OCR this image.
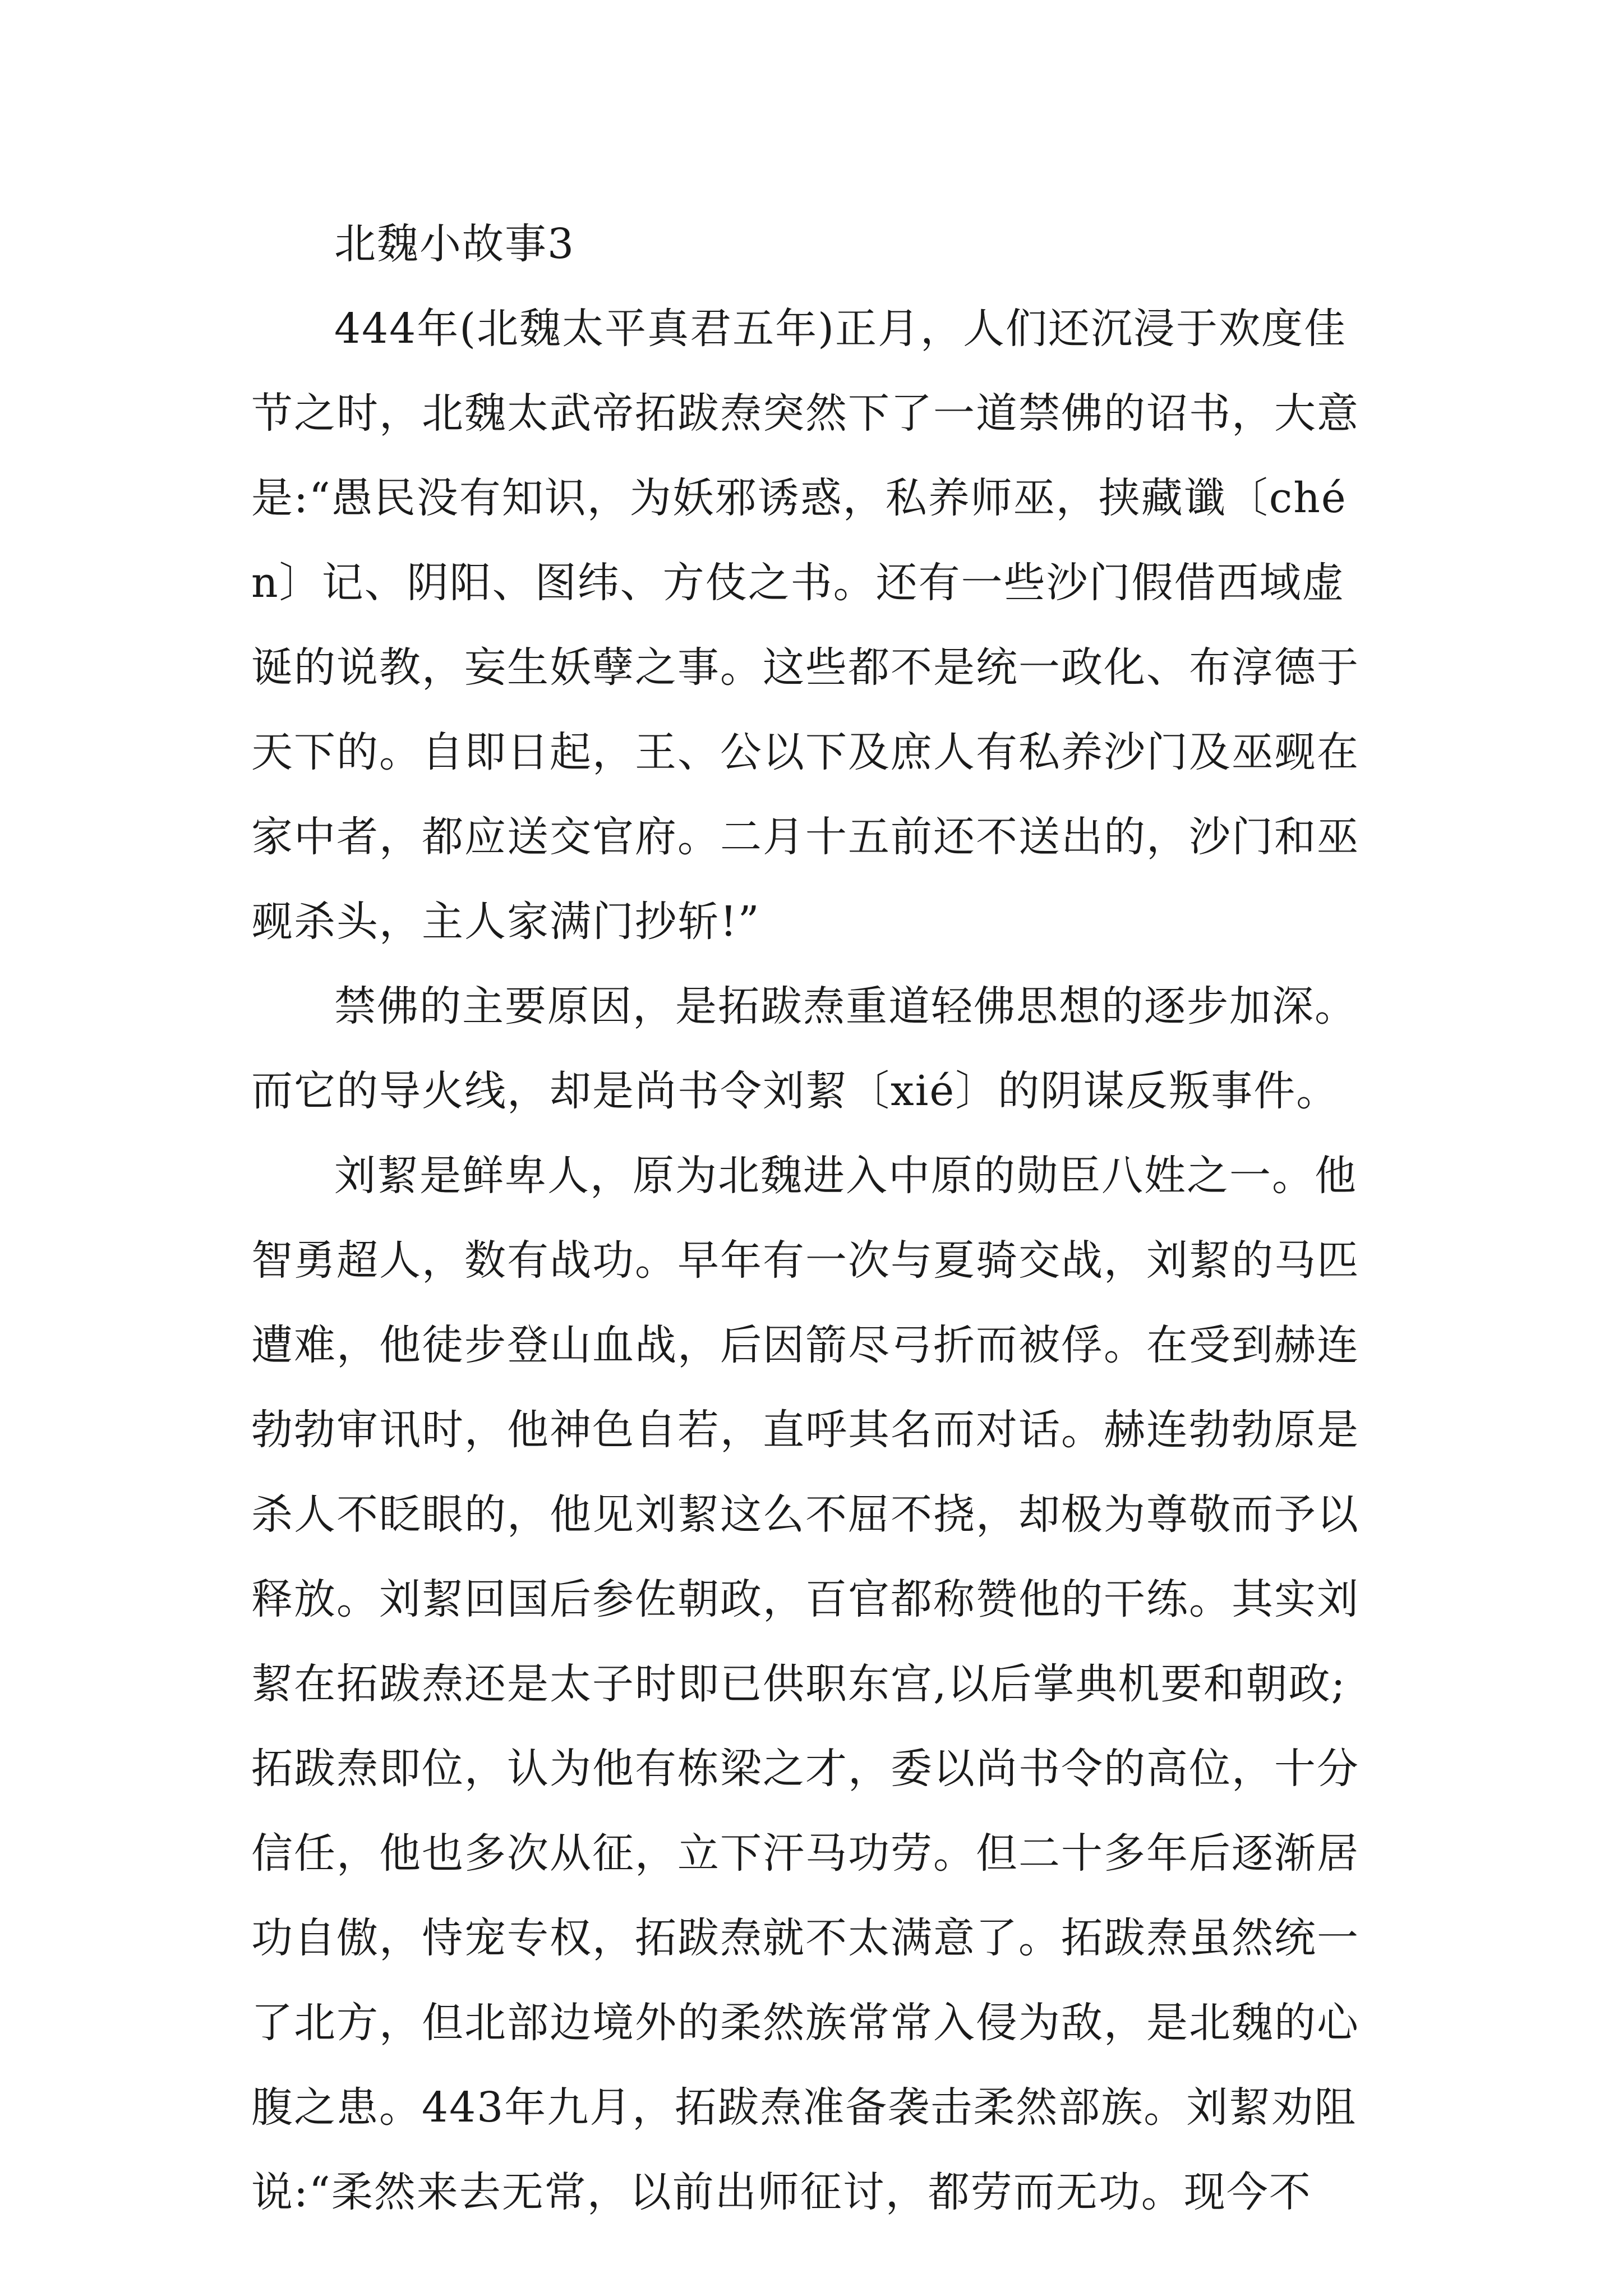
北魏小故事3
444年(北魏太平真君五年)正月，人们还沉浸于欢度佳
节之时，北魏太武帝拓跋焘突然下了一道禁佛的诏书，大意
是:“愚民没有知识，为妖邪诱惑，私养师巫，挟藏谶〔ché
n〕记、阴阳、图纬、方伎之书。还有一些沙门假借西域虚
诞的说教，妄生妖孽之事。这些都不是统一政化、布淳德于
天下的。自即日起，王、公以下及庶人有私养沙门及巫觋在
家中者，都应送交官府。二月十五前还不送出的，沙门和巫
觋杀头，主人家满门抄斩!”
禁佛的主要原因，是拓跋焘重道轻佛思想的逐步加深。
而它的导火线，却是尚书令刘絜〔xié〕的阴谋反叛事件。
刘絜是鲜卑人，原为北魏进入中原的勋臣八姓之一。他
智勇超人，数有战功。早年有一次与夏骑交战，刘絜的马匹
遭难，他徒步登山血战，后因箭尽弓折而被俘。在受到赫连
勃勃审讯时，他神色自若，直呼其名而对话。赫连勃勃原是
杀人不眨眼的，他见刘絜这么不屈不挠，却极为尊敬而予以
释放。刘絜回国后参佐朝政，百官都称赞他的干练。其实刘
絜在拓跋焘还是太子时即已供职东宫,以后掌典机要和朝政;
拓跋焘即位，认为他有栋梁之才，委以尚书令的高位，十分
信任，他也多次从征，立下汗马功劳。但二十多年后逐渐居
功自傲，恃宠专权，拓跋焘就不太满意了。拓跋焘虽然统一
了北方，但北部边境外的柔然族常常入侵为敌，是北魏的心
腹之患。443年九月，拓跋焘准备袭击柔然部族。刘絜劝阻
说:“柔然来去无常，以前出师征讨，都劳而无功。现今不
